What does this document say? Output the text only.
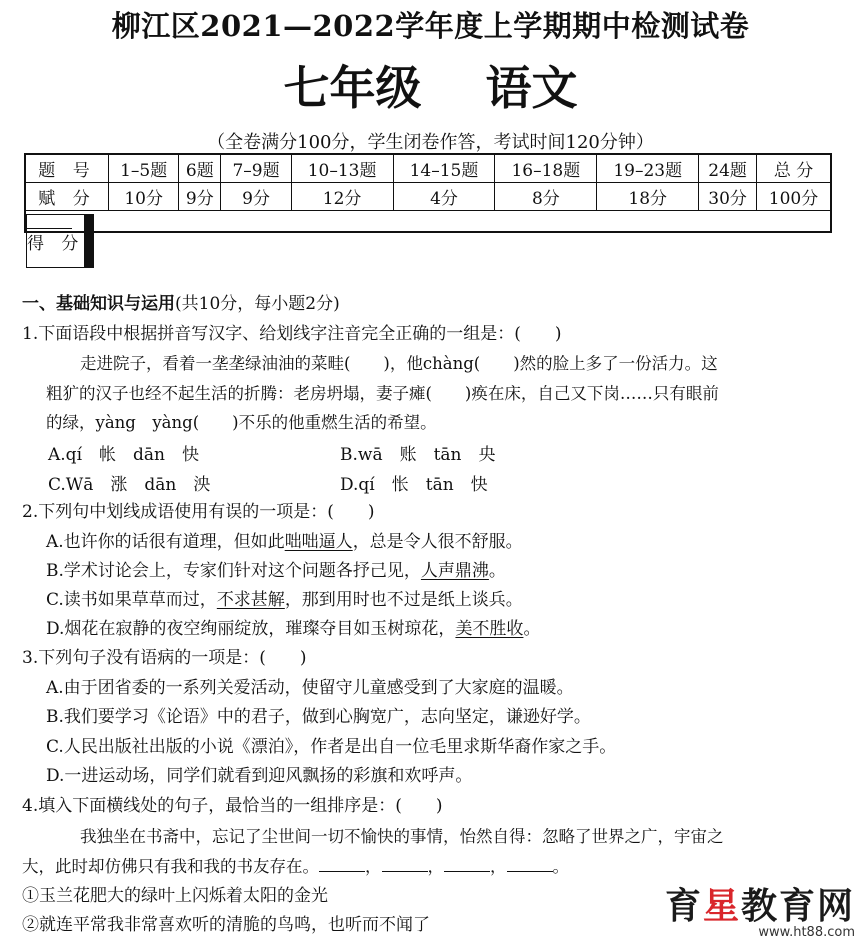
柳江区2021—2022学年度上学期期中检测试卷
七年级    语文
（全卷满分100分，学生闭卷作答，考试时间120分钟）
题 号	1–5题	6题	7–9题	10–13题	14–15题	16–18题	19–23题	24题	总 分
赋 分	10分	9分	9分	12分	4分	8分	18分	30分	100分
得 分									
一、基础知识与运用(共10分，每小题2分)
1.下面语段中根据拼音写汉字、给划线字注音完全正确的一组是：(　　)
走进院子，看着一垄垄绿油油的菜畦(　　)，他chàng(　　)然的脸上多了一份活力。这
粗犷的汉子也经不起生活的折腾：老房坍塌，妻子瘫(　　)痪在床，自己又下岗……只有眼前
的绿，yàng　yàng(　　)不乐的他重燃生活的希望。
A.qí　帐　dān　快	B.wā　账　tān　央
C.Wā　涨　dān　泱	D.qí　怅　tān　快
2.下列句中划线成语使用有误的一项是：(　　)
A.也许你的话很有道理，但如此咄咄逼人，总是令人很不舒服。
B.学术讨论会上，专家们针对这个问题各抒己见，人声鼎沸。
C.读书如果草草而过，不求甚解，那到用时也不过是纸上谈兵。
D.烟花在寂静的夜空绚丽绽放，璀璨夺目如玉树琼花，美不胜收。
3.下列句子没有语病的一项是：(　　)
A.由于团省委的一系列关爱活动，使留守儿童感受到了大家庭的温暖。
B.我们要学习《论语》中的君子，做到心胸宽广，志向坚定，谦逊好学。
C.人民出版社出版的小说《漂泊》，作者是出自一位毛里求斯华裔作家之手。
D.一进运动场，同学们就看到迎风飘扬的彩旗和欢呼声。
4.填入下面横线处的句子，最恰当的一组排序是：(　　)
我独坐在书斋中，忘记了尘世间一切不愉快的事情，怡然自得：忽略了世界之广，宇宙之
大，此时却仿佛只有我和我的书友存在。	，	，	，	。
①玉兰花肥大的绿叶上闪烁着太阳的金光
②就连平常我非常喜欢听的清脆的鸟鸣，也听而不闻了	育星教育网
www.ht88.com
